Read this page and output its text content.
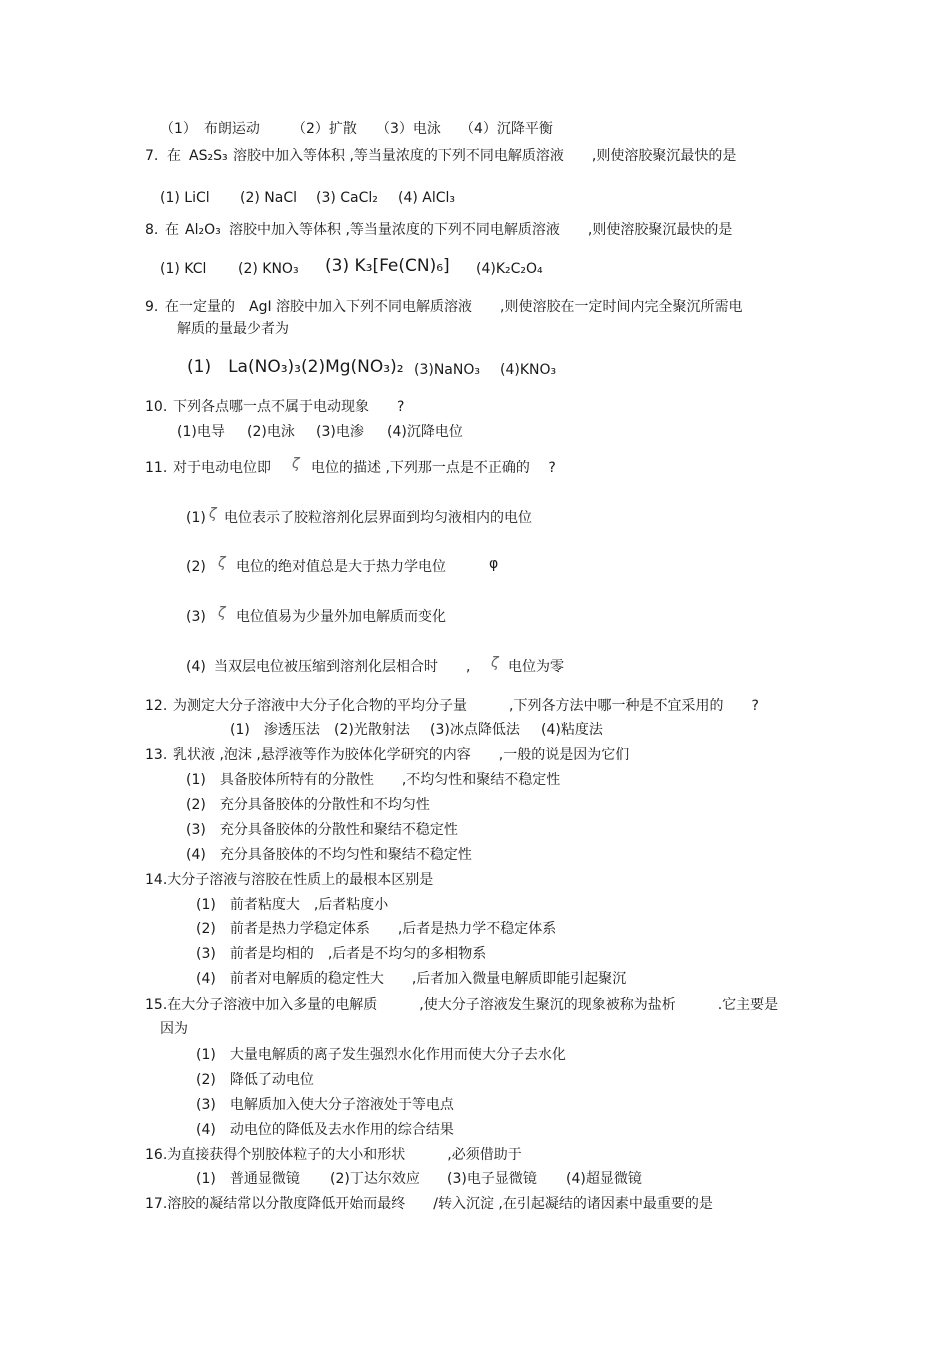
（1）　布朗运动 （2）扩散 （3）电泳 （4）沉降平衡
7. 在 AS₂S₃ 溶胶中加入等体积 ,等当量浓度的下列不同电解质溶液　　,则使溶胶聚沉最快的是
(1) LiCl (2) NaCl (3) CaCl₂ (4) AlCl₃
8. 在 Al₂O₃ 溶胶中加入等体积 ,等当量浓度的下列不同电解质溶液　　,则使溶胶聚沉最快的是
(1) KCl (2) KNO₃ (3) K₃[Fe(CN)₆] (4)K₂C₂O₄
9. 在一定量的　AgI 溶胶中加入下列不同电解质溶液　　,则使溶胶在一定时间内完全聚沉所需电
解质的量最少者为
(1)　La(NO₃)₃ (2)Mg(NO₃)₂ (3)NaNO₃ (4)KNO₃
10. 下列各点哪一点不属于电动现象　　?
(1)电导 (2)电泳 (3)电渗 (4)沉降电位
11. 对于电动电位即 ζ 电位的描述 ,下列那一点是不正确的　 ?
(1) ζ 电位表示了胶粒溶剂化层界面到均匀液相内的电位
(2) ζ 电位的绝对值总是大于热力学电位	φ
(3) ζ 电位值易为少量外加电解质而变化
(4) 当双层电位被压缩到溶剂化层相合时　　, ζ 电位为零
12. 为测定大分子溶液中大分子化合物的平均分子量　　　,下列各方法中哪一种是不宜采用的　　?
(1)　渗透压法 (2)光散射法 (3)冰点降低法 (4)粘度法
13. 乳状液 ,泡沫 ,悬浮液等作为胶体化学研究的内容　　,一般的说是因为它们
(1)　具备胶体所特有的分散性　　,不均匀性和聚结不稳定性
(2)　充分具备胶体的分散性和不均匀性
(3)　充分具备胶体的分散性和聚结不稳定性
(4)　充分具备胶体的不均匀性和聚结不稳定性
14.大分子溶液与溶胶在性质上的最根本区别是
(1)　前者粘度大　,后者粘度小
(2)　前者是热力学稳定体系　　,后者是热力学不稳定体系
(3)　前者是均相的　,后者是不均匀的多相物系
(4)　前者对电解质的稳定性大　　,后者加入微量电解质即能引起聚沉
15.在大分子溶液中加入多量的电解质　　　,使大分子溶液发生聚沉的现象被称为盐析　　　.它主要是
因为
(1)　大量电解质的离子发生强烈水化作用而使大分子去水化
(2)　降低了动电位
(3)　电解质加入使大分子溶液处于等电点
(4)　动电位的降低及去水作用的综合结果
16.为直接获得个别胶体粒子的大小和形状　　　,必须借助于
(1)　普通显微镜 (2)丁达尔效应 (3)电子显微镜 (4)超显微镜
17.溶胶的凝结常以分散度降低开始而最终　　/转入沉淀 ,在引起凝结的诸因素中最重要的是
